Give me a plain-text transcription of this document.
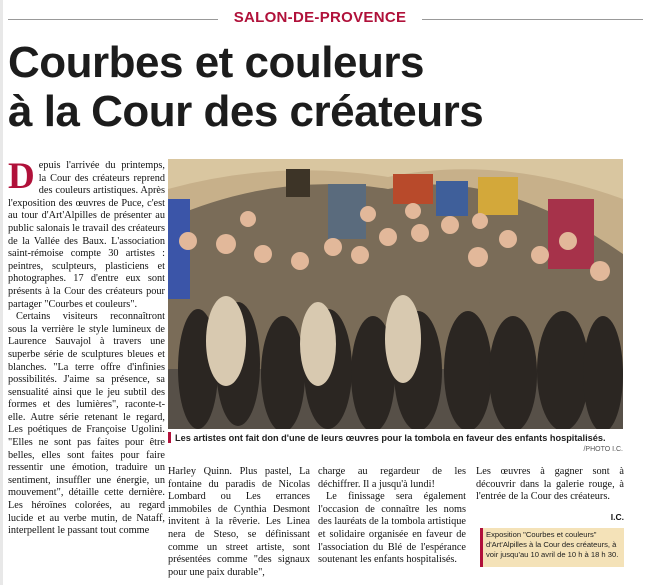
SALON-DE-PROVENCE
Courbes et couleurs
à la Cour des créateurs
D epuis l'arrivée du printemps, la Cour des créateurs reprend des couleurs artistiques. Après l'exposition des œuvres de Puce, c'est au tour d'Art'Alpilles de présenter au public salonais le travail des créateurs de la Vallée des Baux. L'association saint-rémoise compte 30 artistes : peintres, sculpteurs, plasticiens et photographes. 17 d'entre eux sont présents à la Cour des créateurs pour partager "Courbes et couleurs".

Certains visiteurs reconnaîtront sous la verrière le style lumineux de Laurence Sauvajol à travers une superbe série de sculptures bleues et blanches. "La terre offre d'infinies possibilités. J'aime sa présence, sa sensualité ainsi que le jeu subtil des formes et des lumières", raconte-t-elle. Autre série retenant le regard, Les poétiques de Françoise Ugolini. "Elles ne sont pas faites pour être belles, elles sont faites pour faire ressentir une émotion, traduire un sentiment, insuffler une énergie, un mouvement", détaille cette dernière. Les héroïnes colorées, au regard lucide et au verbe mutin, de Nataff, interpellent le passant tout comme

Les artistes ont fait don d'une de leurs œuvres pour la tombola en faveur des enfants hospitalisés.
/PHOTO I.C.

Harley Quinn. Plus pastel, La fontaine du paradis de Nicolas Lombard ou Les errances immobiles de Cynthia Desmont invitent à la rêverie. Les Linea nera de Steso, se définissant comme un street artiste, sont présentées comme "des signaux pour une paix durable",

charge au regardeur de les déchiffrer. Il a jusqu'à lundi!

Le finissage sera également l'occasion de connaître les noms des lauréats de la tombola artistique et solidaire organisée en faveur de l'association du Blé de l'espérance soutenant les enfants hospitalisés.

Les œuvres à gagner sont à découvrir dans la galerie rouge, à l'entrée de la Cour des créateurs.

I.C.
Exposition "Courbes et couleurs"
d'Art'Alpilles à la Cour des créateurs, à
voir jusqu'au 10 avril de 10 h à 18 h 30.
